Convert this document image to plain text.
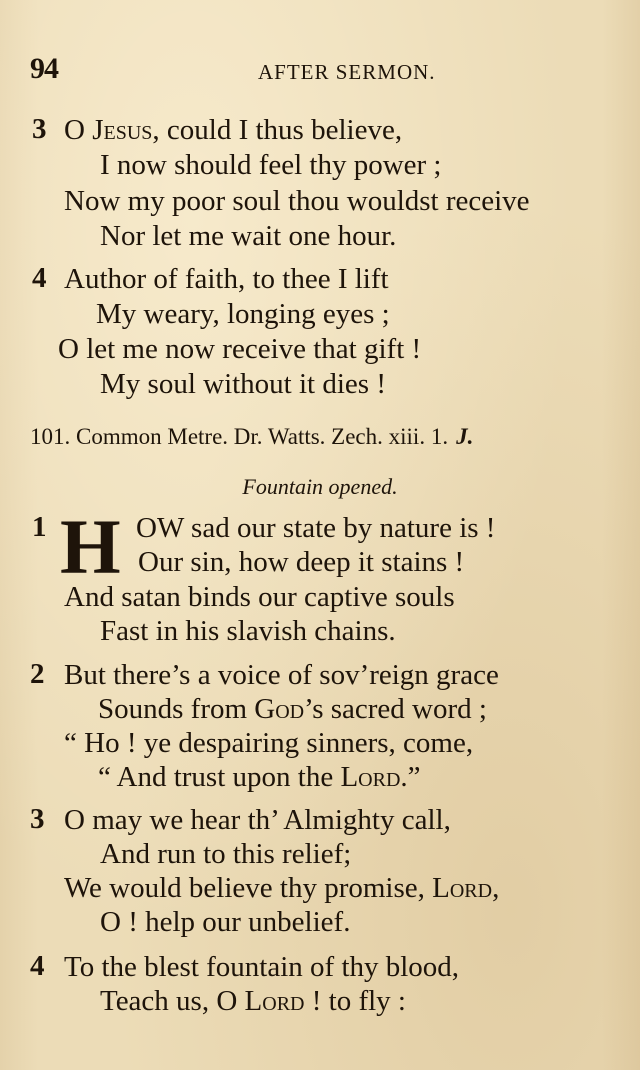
94	AFTER SERMON.
3 O Jesus, could I thus believe,
I now should feel thy power ;
Now my poor soul thou wouldst receive
Nor let me wait one hour.
4 Author of faith, to thee I lift
My weary, longing eyes ;
O let me now receive that gift !
My soul without it dies !
101. Common Metre. Dr. Watts. Zech. xiii. 1. J.
Fountain opened.
1 H OW sad our state by nature is !
Our sin, how deep it stains !
And satan binds our captive souls
Fast in his slavish chains.
2 But there’s a voice of sov’reign grace
Sounds from God’s sacred word ;
“ Ho ! ye despairing sinners, come,
“ And trust upon the Lord.”
3 O may we hear th’ Almighty call,
And run to this relief;
We would believe thy promise, Lord,
O ! help our unbelief.
4 To the blest fountain of thy blood,
Teach us, O Lord ! to fly :
